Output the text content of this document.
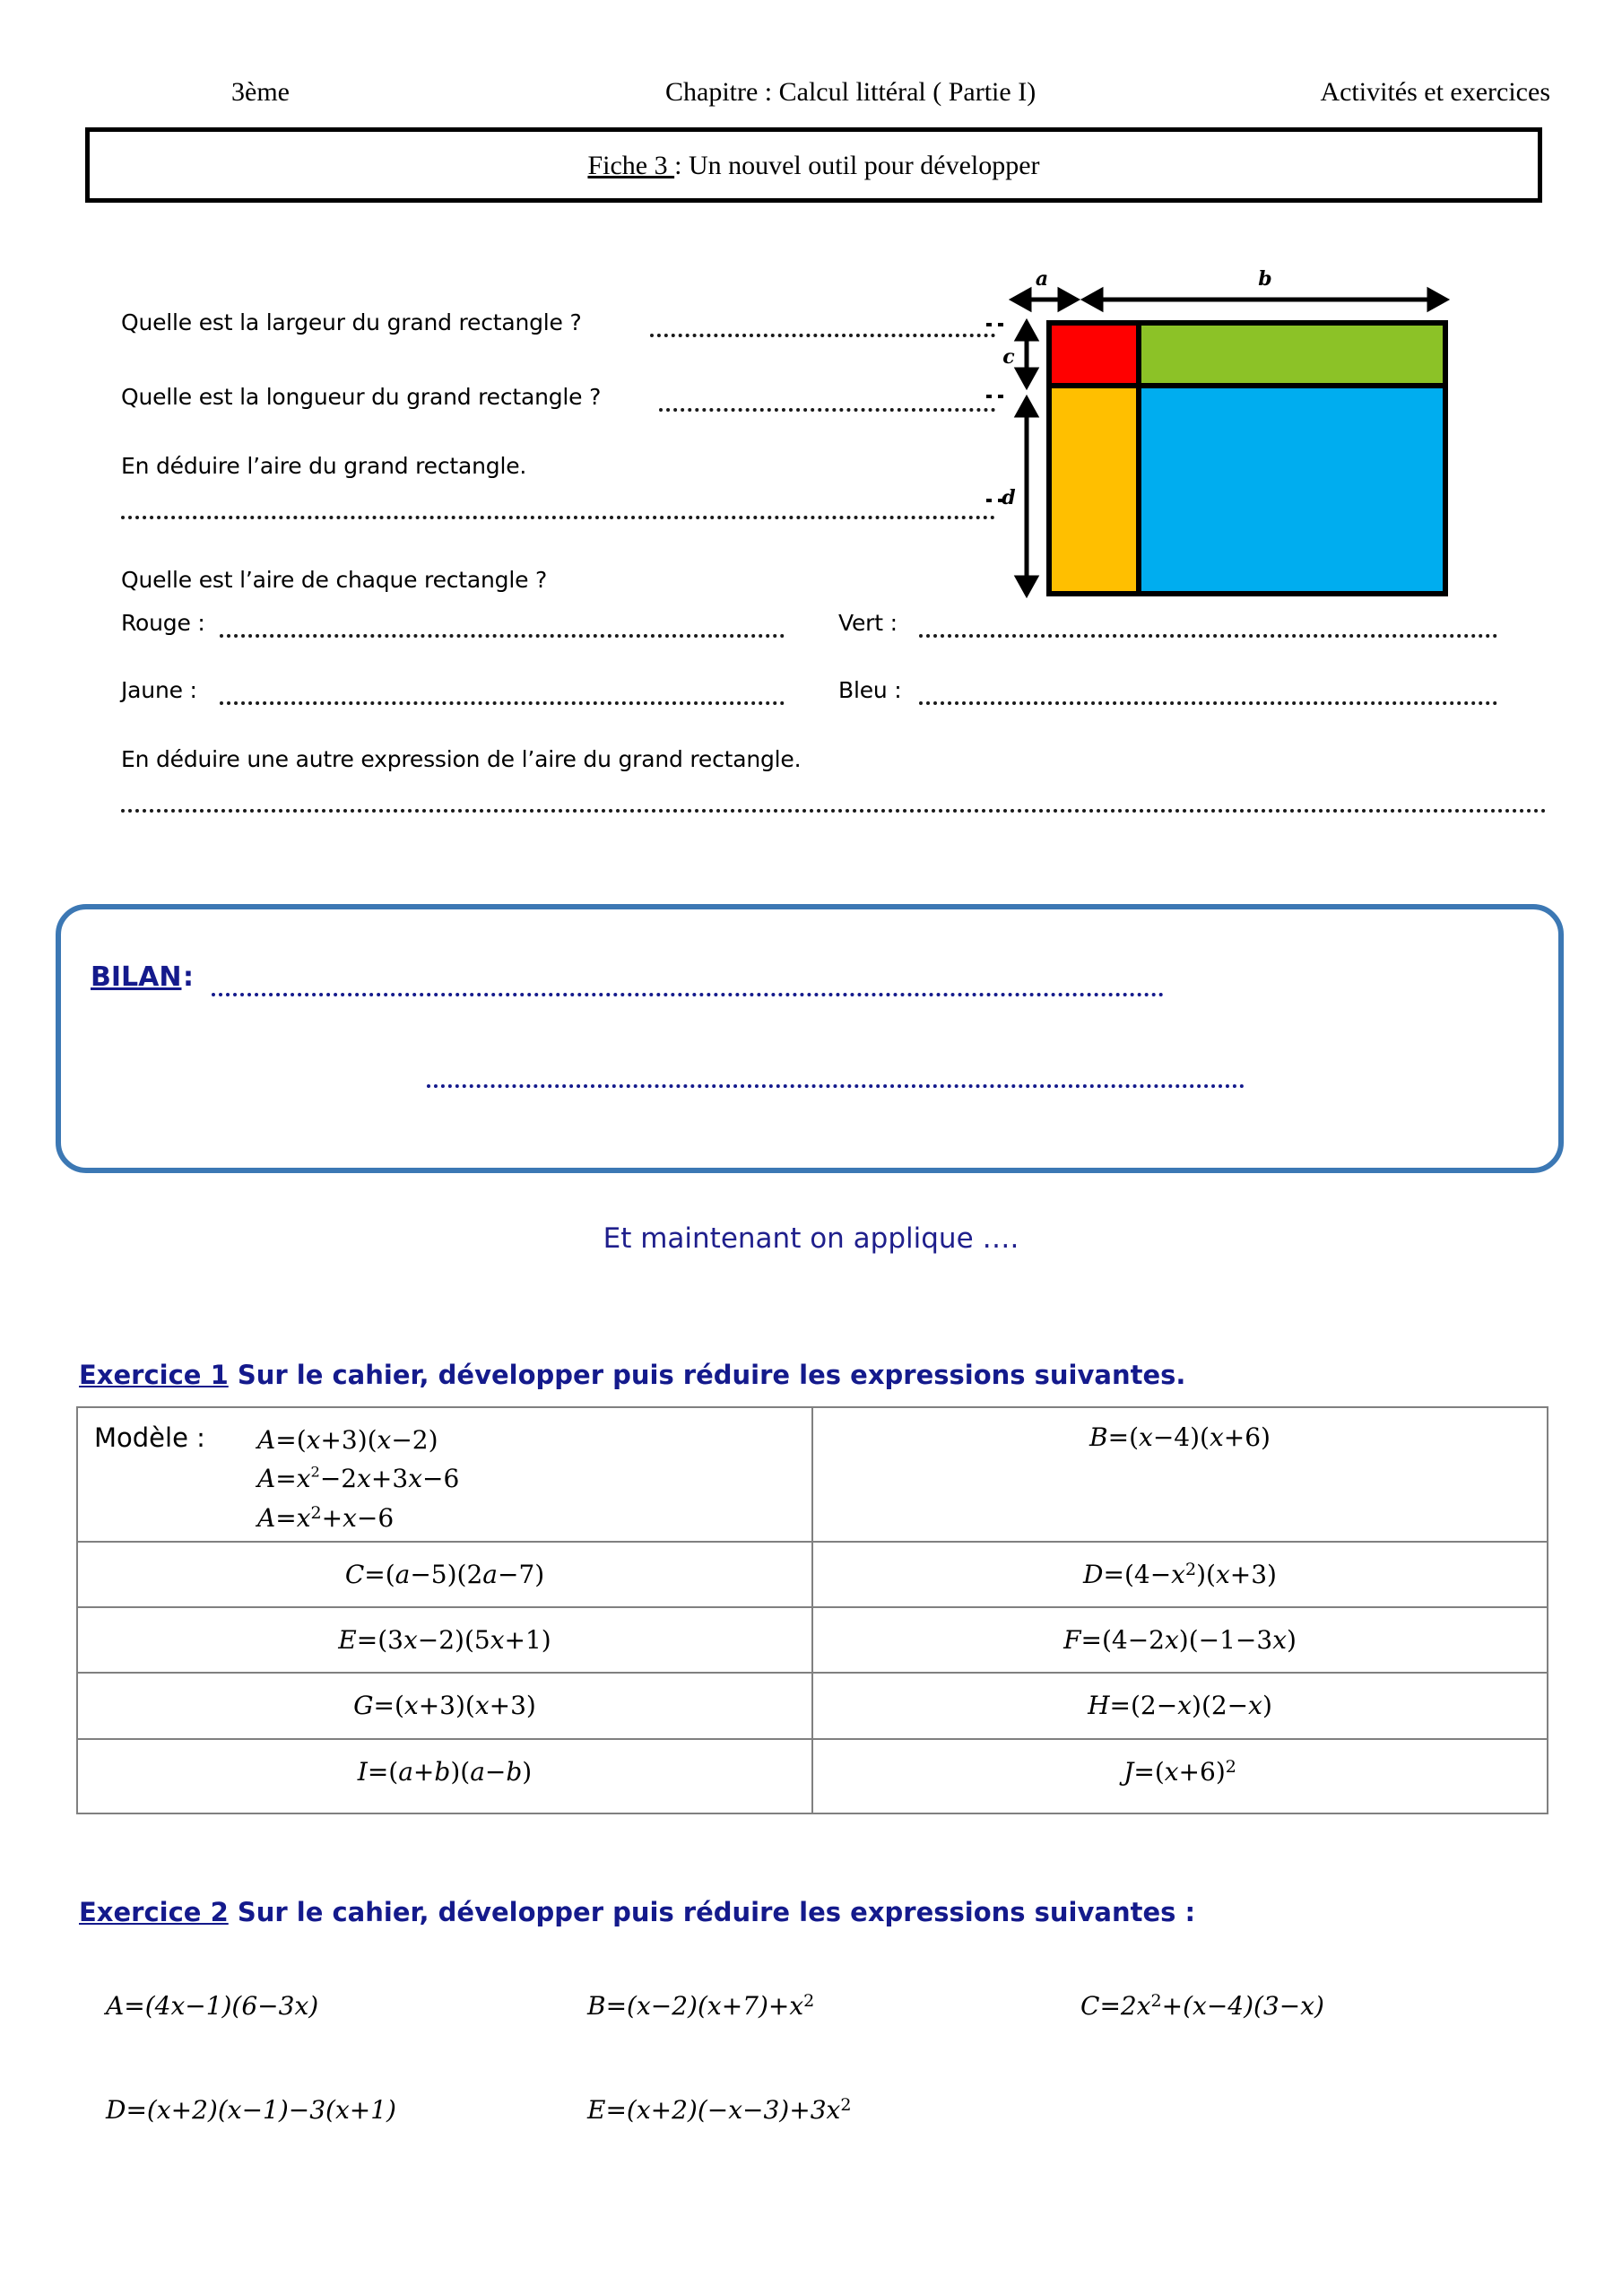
3ème	Chapitre : Calcul littéral ( Partie I)	Activités et exercices
Fiche 3 : Un nouvel outil pour développer
Quelle est la largeur du grand rectangle ?
Quelle est la longueur du grand rectangle ?
En déduire l’aire du grand rectangle.
Quelle est l’aire de chaque rectangle ?
Rouge :	Vert :
Jaune :	Bleu :
En déduire une autre expression de l’aire du grand rectangle.
a	b
c
d
BILAN :
Et maintenant on applique ….
Exercice 1 Sur le cahier, développer puis réduire les expressions suivantes.
Modèle : A=(x+3)(x−2)
$A=x^2-2x+3x-6$
$A=x^2+x-6$	B=(x−4)(x+6)
C=(a−5)(2a−7)	$D=(4-x^2)(x+3)$
E=(3x−2)(5x+1)	F=(4−2x)(−1−3x)
G=(x+3)(x+3)	H=(2−x)(2−x)
I=(a+b)(a−b)	$J=(x+6)^2$
Exercice 2 Sur le cahier, développer puis réduire les expressions suivantes :
A=(4x−1)(6−3x)	$B=(x-2)(x+7)+x^2$	$C=2x^2+(x-4)(3-x)$
D=(x+2)(x−1)−3(x+1)	$E=(x+2)(-x-3)+3x^2$
